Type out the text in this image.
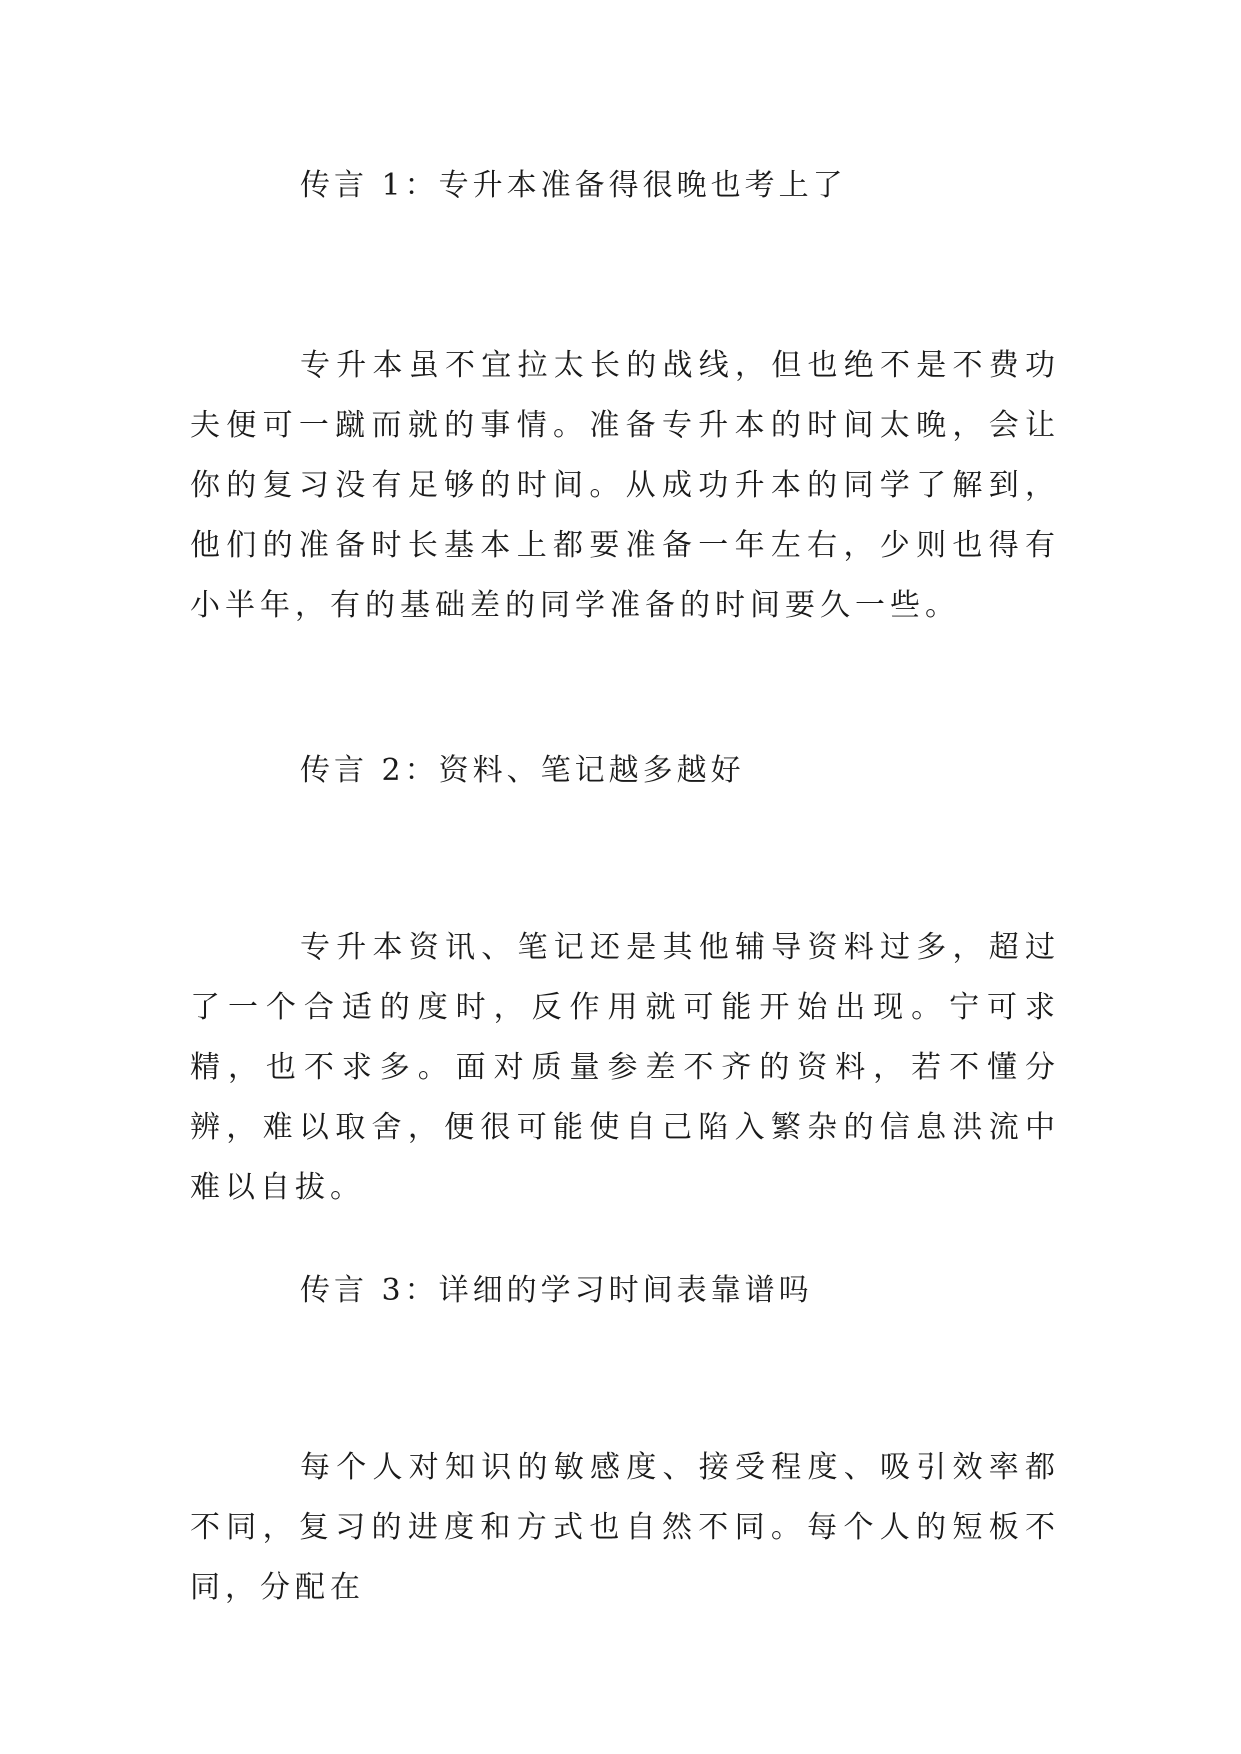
传言 1：专升本准备得很晚也考上了

专升本虽不宜拉太长的战线，但也绝不是不费功夫便可一蹴而就的事情。准备专升本的时间太晚，会让你的复习没有足够的时间。从成功升本的同学了解到，他们的准备时长基本上都要准备一年左右，少则也得有小半年，有的基础差的同学准备的时间要久一些。

传言 2：资料、笔记越多越好

专升本资讯、笔记还是其他辅导资料过多，超过了一个合适的度时，反作用就可能开始出现。宁可求精，也不求多。面对质量参差不齐的资料，若不懂分辨，难以取舍，便很可能使自己陷入繁杂的信息洪流中难以自拔。

传言 3：详细的学习时间表靠谱吗

每个人对知识的敏感度、接受程度、吸引效率都不同，复习的进度和方式也自然不同。每个人的短板不同，分配在
